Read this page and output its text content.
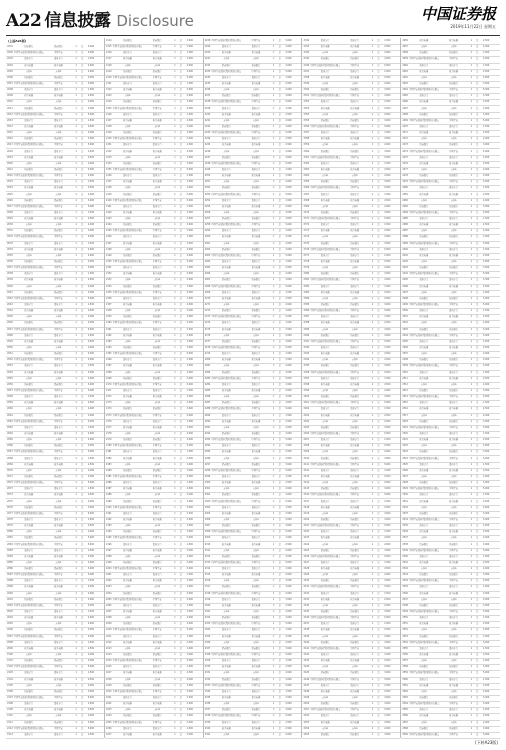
A22 信息披露 Disclosure	中国证券报
2019年11月22日 星期五
(上接A21版)
2001	招商银行	招商银行	1	是	3,000
2002 中国平安保险(集团)股份有限公司	中国平安	1	是	5,000
2003	贵州茅台	贵州茅台	1	是	1,500
2004	格力电器	格力电器	1	是	2,500
2005	万科A	万科A	1	是	2,000
2006	招商银行	招商银行	1	是	3,000
2007 中国平安保险(集团)股份有限公司	中国平安	1	是	5,000
2008	贵州茅台	贵州茅台	1	是	1,500
2009	格力电器	格力电器	1	是	2,500
2010	万科A	万科A	1	是	2,000
2011	招商银行	招商银行	1	是	3,000
2012 中国平安保险(集团)股份有限公司	中国平安	1	是	5,000
2013	贵州茅台	贵州茅台	1	是	1,500
2014	格力电器	格力电器	1	是	2,500
2015	万科A	万科A	1	是	2,000
2016	招商银行	招商银行	1	是	3,000
2017 中国平安保险(集团)股份有限公司	中国平安	1	是	5,000
2018	贵州茅台	贵州茅台	1	是	1,500
2019	格力电器	格力电器	1	是	2,500
2020	万科A	万科A	1	是	2,000
2021	招商银行	招商银行	1	是	3,000
2022 中国平安保险(集团)股份有限公司	中国平安	1	是	5,000
2023	贵州茅台	贵州茅台	1	是	1,500
2024	格力电器	格力电器	1	是	2,500
2025	万科A	万科A	1	是	2,000
2026	招商银行	招商银行	1	是	3,000
2027 中国平安保险(集团)股份有限公司	中国平安	1	是	5,000
2028	贵州茅台	贵州茅台	1	是	1,500
2029	格力电器	格力电器	1	是	2,500
2030	万科A	万科A	1	是	2,000
2031	招商银行	招商银行	1	是	3,000
2032 中国平安保险(集团)股份有限公司	中国平安	1	是	5,000
2033	贵州茅台	贵州茅台	1	是	1,500
2034	格力电器	格力电器	1	是	2,500
2035	万科A	万科A	1	是	2,000
2036	招商银行	招商银行	1	是	3,000
2037 中国平安保险(集团)股份有限公司	中国平安	1	是	5,000
2038	贵州茅台	贵州茅台	1	是	1,500
2039	格力电器	格力电器	1	是	2,500
2040	万科A	万科A	1	是	2,000
2041	招商银行	招商银行	1	是	3,000
2042 中国平安保险(集团)股份有限公司	中国平安	1	是	5,000
2043	贵州茅台	贵州茅台	1	是	1,500
2044	格力电器	格力电器	1	是	2,500
2045	万科A	万科A	1	是	2,000
2046	招商银行	招商银行	1	是	3,000
2047 中国平安保险(集团)股份有限公司	中国平安	1	是	5,000
2048	贵州茅台	贵州茅台	1	是	1,500
2049	格力电器	格力电器	1	是	2,500
2050	万科A	万科A	1	是	2,000
2051	招商银行	招商银行	1	是	3,000
2052 中国平安保险(集团)股份有限公司	中国平安	1	是	5,000
2053	贵州茅台	贵州茅台	1	是	1,500
2054	格力电器	格力电器	1	是	2,500
2055	万科A	万科A	1	是	2,000
2056	招商银行	招商银行	1	是	3,000
2057 中国平安保险(集团)股份有限公司	中国平安	1	是	5,000
2058	贵州茅台	贵州茅台	1	是	1,500
2059	格力电器	格力电器	1	是	2,500
2060	万科A	万科A	1	是	2,000
2061	招商银行	招商银行	1	是	3,000
2062 中国平安保险(集团)股份有限公司	中国平安	1	是	5,000
2063	贵州茅台	贵州茅台	1	是	1,500
2064	格力电器	格力电器	1	是	2,500
2065	万科A	万科A	1	是	2,000
2066	招商银行	招商银行	1	是	3,000
2067 中国平安保险(集团)股份有限公司	中国平安	1	是	5,000
2068	贵州茅台	贵州茅台	1	是	1,500
2069	格力电器	格力电器	1	是	2,500
2070	万科A	万科A	1	是	2,000
2071	招商银行	招商银行	1	是	3,000
2072 中国平安保险(集团)股份有限公司	中国平安	1	是	5,000
2073	贵州茅台	贵州茅台	1	是	1,500
2074	格力电器	格力电器	1	是	2,500
2075	万科A	万科A	1	是	2,000
2076	招商银行	招商银行	1	是	3,000
2077 中国平安保险(集团)股份有限公司	中国平安	1	是	5,000
2078	贵州茅台	贵州茅台	1	是	1,500
2079	格力电器	格力电器	1	是	2,500
2080	万科A	万科A	1	是	2,000
2081	招商银行	招商银行	1	是	3,000
2082 中国平安保险(集团)股份有限公司	中国平安	1	是	5,000
2083	贵州茅台	贵州茅台	1	是	1,500
2084	格力电器	格力电器	1	是	2,500
2085	万科A	万科A	1	是	2,000
2086	招商银行	招商银行	1	是	3,000
2087 中国平安保险(集团)股份有限公司	中国平安	1	是	5,000
2088	贵州茅台	贵州茅台	1	是	1,500
2089	格力电器	格力电器	1	是	2,500
2090	万科A	万科A	1	是	2,000
2091	招商银行	招商银行	1	是	3,000
2092 中国平安保险(集团)股份有限公司	中国平安	1	是	5,000
2093	贵州茅台	贵州茅台	1	是	1,500
2094	格力电器	格力电器	1	是	2,500
2095	万科A	万科A	1	是	2,000
2096	招商银行	招商银行	1	是	3,000
2097 中国平安保险(集团)股份有限公司	中国平安	1	是	5,000
2098	贵州茅台	贵州茅台	1	是	1,500
2099	格力电器	格力电器	1	是	2,500
2100	万科A	万科A	1	是	2,000
2101	招商银行	招商银行	1	是	3,000
2102 中国平安保险(集团)股份有限公司	中国平安	1	是	5,000
2103	贵州茅台	贵州茅台	1	是	1,500
2104	格力电器	格力电器	1	是	2,500
2105	万科A	万科A	1	是	2,000
2106	招商银行	招商银行	1	是	3,000
2107 中国平安保险(集团)股份有限公司	中国平安	1	是	5,000
2108	贵州茅台	贵州茅台	1	是	1,500
2109	格力电器	格力电器	1	是	2,500
2110	万科A	万科A	1	是	2,000
2111	招商银行	招商银行	1	是	3,000
2112 中国平安保险(集团)股份有限公司	中国平安	1	是	5,000
2113	贵州茅台	贵州茅台	1	是	1,500
2114	招商银行	招商银行	1	是	3,000
2115 中国平安保险(集团)股份有限公司	中国平安	1	是	5,000
2116	贵州茅台	贵州茅台	1	是	1,500
2117	格力电器	格力电器	1	是	2,500
2118	万科A	万科A	1	是	2,000
2119	招商银行	招商银行	1	是	3,000
2120 中国平安保险(集团)股份有限公司	中国平安	1	是	5,000
2121	贵州茅台	贵州茅台	1	是	1,500
2122	格力电器	格力电器	1	是	2,500
2123	万科A	万科A	1	是	2,000
2124	招商银行	招商银行	1	是	3,000
2125 中国平安保险(集团)股份有限公司	中国平安	1	是	5,000
2126	贵州茅台	贵州茅台	1	是	1,500
2127	格力电器	格力电器	1	是	2,500
2128	万科A	万科A	1	是	2,000
2129	招商银行	招商银行	1	是	3,000
2130 中国平安保险(集团)股份有限公司	中国平安	1	是	5,000
2131	贵州茅台	贵州茅台	1	是	1,500
2132	格力电器	格力电器	1	是	2,500
2133	万科A	万科A	1	是	2,000
2134	招商银行	招商银行	1	是	3,000
2135 中国平安保险(集团)股份有限公司	中国平安	1	是	5,000
2136	贵州茅台	贵州茅台	1	是	1,500
2137	格力电器	格力电器	1	是	2,500
2138	万科A	万科A	1	是	2,000
2139	招商银行	招商银行	1	是	3,000
2140 中国平安保险(集团)股份有限公司	中国平安	1	是	5,000
2141	贵州茅台	贵州茅台	1	是	1,500
2142	格力电器	格力电器	1	是	2,500
2143	万科A	万科A	1	是	2,000
2144	招商银行	招商银行	1	是	3,000
2145 中国平安保险(集团)股份有限公司	中国平安	1	是	5,000
2146	贵州茅台	贵州茅台	1	是	1,500
2147	格力电器	格力电器	1	是	2,500
2148	万科A	万科A	1	是	2,000
2149	招商银行	招商银行	1	是	3,000
2150 中国平安保险(集团)股份有限公司	中国平安	1	是	5,000
2151	贵州茅台	贵州茅台	1	是	1,500
2152	格力电器	格力电器	1	是	2,500
2153	万科A	万科A	1	是	2,000
2154	招商银行	招商银行	1	是	3,000
2155 中国平安保险(集团)股份有限公司	中国平安	1	是	5,000
2156	贵州茅台	贵州茅台	1	是	1,500
2157	格力电器	格力电器	1	是	2,500
2158	万科A	万科A	1	是	2,000
2159	招商银行	招商银行	1	是	3,000
2160 中国平安保险(集团)股份有限公司	中国平安	1	是	5,000
2161	贵州茅台	贵州茅台	1	是	1,500
2162	格力电器	格力电器	1	是	2,500
2163	万科A	万科A	1	是	2,000
2164	招商银行	招商银行	1	是	3,000
2165 中国平安保险(集团)股份有限公司	中国平安	1	是	5,000
2166	贵州茅台	贵州茅台	1	是	1,500
2167	格力电器	格力电器	1	是	2,500
2168	万科A	万科A	1	是	2,000
2169	招商银行	招商银行	1	是	3,000
2170 中国平安保险(集团)股份有限公司	中国平安	1	是	5,000
2171	贵州茅台	贵州茅台	1	是	1,500
2172	格力电器	格力电器	1	是	2,500
2173	万科A	万科A	1	是	2,000
2174	招商银行	招商银行	1	是	3,000
2175 中国平安保险(集团)股份有限公司	中国平安	1	是	5,000
2176	贵州茅台	贵州茅台	1	是	1,500
2177	格力电器	格力电器	1	是	2,500
2178	万科A	万科A	1	是	2,000
2179	招商银行	招商银行	1	是	3,000
2180 中国平安保险(集团)股份有限公司	中国平安	1	是	5,000
2181	贵州茅台	贵州茅台	1	是	1,500
2182	格力电器	格力电器	1	是	2,500
2183	万科A	万科A	1	是	2,000
2184	招商银行	招商银行	1	是	3,000
2185 中国平安保险(集团)股份有限公司	中国平安	1	是	5,000
2186	贵州茅台	贵州茅台	1	是	1,500
2187	格力电器	格力电器	1	是	2,500
2188	万科A	万科A	1	是	2,000
2189	招商银行	招商银行	1	是	3,000
2190 中国平安保险(集团)股份有限公司	中国平安	1	是	5,000
2191	贵州茅台	贵州茅台	1	是	1,500
2192	格力电器	格力电器	1	是	2,500
2193	万科A	万科A	1	是	2,000
2194	招商银行	招商银行	1	是	3,000
2195 中国平安保险(集团)股份有限公司	中国平安	1	是	5,000
2196	贵州茅台	贵州茅台	1	是	1,500
2197	格力电器	格力电器	1	是	2,500
2198	万科A	万科A	1	是	2,000
2199	招商银行	招商银行	1	是	3,000
2200 中国平安保险(集团)股份有限公司	中国平安	1	是	5,000
2201	贵州茅台	贵州茅台	1	是	1,500
2202	格力电器	格力电器	1	是	2,500
2203	万科A	万科A	1	是	2,000
2204	招商银行	招商银行	1	是	3,000
2205 中国平安保险(集团)股份有限公司	中国平安	1	是	5,000
2206	贵州茅台	贵州茅台	1	是	1,500
2207	格力电器	格力电器	1	是	2,500
2208	万科A	万科A	1	是	2,000
2209	招商银行	招商银行	1	是	3,000
2210 中国平安保险(集团)股份有限公司	中国平安	1	是	5,000
2211	贵州茅台	贵州茅台	1	是	1,500
2212	格力电器	格力电器	1	是	2,500
2213	万科A	万科A	1	是	2,000
2214	招商银行	招商银行	1	是	3,000
2215 中国平安保险(集团)股份有限公司	中国平安	1	是	5,000
2216	贵州茅台	贵州茅台	1	是	1,500
2217	格力电器	格力电器	1	是	2,500
2218	万科A	万科A	1	是	2,000
2219	招商银行	招商银行	1	是	3,000
2220 中国平安保险(集团)股份有限公司	中国平安	1	是	5,000
2221	贵州茅台	贵州茅台	1	是	1,500
2222	格力电器	格力电器	1	是	2,500
2223	万科A	万科A	1	是	2,000
2224	招商银行	招商银行	1	是	3,000
2225 中国平安保险(集团)股份有限公司	中国平安	1	是	5,000
2226	贵州茅台	贵州茅台	1	是	1,500
2227	格力电器	格力电器	1	是	2,500
2228 中国平安保险(集团)股份有限公司	中国平安	1	是	5,000
2229	贵州茅台	贵州茅台	1	是	1,500
2230	格力电器	格力电器	1	是	2,500
2231	万科A	万科A	1	是	2,000
2232	招商银行	招商银行	1	是	3,000
2233 中国平安保险(集团)股份有限公司	中国平安	1	是	5,000
2234	贵州茅台	贵州茅台	1	是	1,500
2235	格力电器	格力电器	1	是	2,500
2236	万科A	万科A	1	是	2,000
2237	招商银行	招商银行	1	是	3,000
2238 中国平安保险(集团)股份有限公司	中国平安	1	是	5,000
2239	贵州茅台	贵州茅台	1	是	1,500
2240	格力电器	格力电器	1	是	2,500
2241	万科A	万科A	1	是	2,000
2242	招商银行	招商银行	1	是	3,000
2243 中国平安保险(集团)股份有限公司	中国平安	1	是	5,000
2244	贵州茅台	贵州茅台	1	是	1,500
2245	格力电器	格力电器	1	是	2,500
2246	万科A	万科A	1	是	2,000
2247	招商银行	招商银行	1	是	3,000
2248 中国平安保险(集团)股份有限公司	中国平安	1	是	5,000
2249	贵州茅台	贵州茅台	1	是	1,500
2250	格力电器	格力电器	1	是	2,500
2251	万科A	万科A	1	是	2,000
2252	招商银行	招商银行	1	是	3,000
2253 中国平安保险(集团)股份有限公司	中国平安	1	是	5,000
2254	贵州茅台	贵州茅台	1	是	1,500
2255	格力电器	格力电器	1	是	2,500
2256	万科A	万科A	1	是	2,000
2257	招商银行	招商银行	1	是	3,000
2258 中国平安保险(集团)股份有限公司	中国平安	1	是	5,000
2259	贵州茅台	贵州茅台	1	是	1,500
2260	格力电器	格力电器	1	是	2,500
2261	万科A	万科A	1	是	2,000
2262	招商银行	招商银行	1	是	3,000
2263 中国平安保险(集团)股份有限公司	中国平安	1	是	5,000
2264	贵州茅台	贵州茅台	1	是	1,500
2265	格力电器	格力电器	1	是	2,500
2266	万科A	万科A	1	是	2,000
2267	招商银行	招商银行	1	是	3,000
2268 中国平安保险(集团)股份有限公司	中国平安	1	是	5,000
2269	贵州茅台	贵州茅台	1	是	1,500
2270	格力电器	格力电器	1	是	2,500
2271	万科A	万科A	1	是	2,000
2272	招商银行	招商银行	1	是	3,000
2273 中国平安保险(集团)股份有限公司	中国平安	1	是	5,000
2274	贵州茅台	贵州茅台	1	是	1,500
2275	格力电器	格力电器	1	是	2,500
2276	万科A	万科A	1	是	2,000
2277	招商银行	招商银行	1	是	3,000
2278 中国平安保险(集团)股份有限公司	中国平安	1	是	5,000
2279	贵州茅台	贵州茅台	1	是	1,500
2280	格力电器	格力电器	1	是	2,500
2281	万科A	万科A	1	是	2,000
2282	招商银行	招商银行	1	是	3,000
2283 中国平安保险(集团)股份有限公司	中国平安	1	是	5,000
2284	贵州茅台	贵州茅台	1	是	1,500
2285	格力电器	格力电器	1	是	2,500
2286	万科A	万科A	1	是	2,000
2287	招商银行	招商银行	1	是	3,000
2288 中国平安保险(集团)股份有限公司	中国平安	1	是	5,000
2289	贵州茅台	贵州茅台	1	是	1,500
2290	格力电器	格力电器	1	是	2,500
2291	万科A	万科A	1	是	2,000
2292	招商银行	招商银行	1	是	3,000
2293 中国平安保险(集团)股份有限公司	中国平安	1	是	5,000
2294	贵州茅台	贵州茅台	1	是	1,500
2295	格力电器	格力电器	1	是	2,500
2296	万科A	万科A	1	是	2,000
2297	招商银行	招商银行	1	是	3,000
2298 中国平安保险(集团)股份有限公司	中国平安	1	是	5,000
2299	贵州茅台	贵州茅台	1	是	1,500
2300	格力电器	格力电器	1	是	2,500
2301	万科A	万科A	1	是	2,000
2302	招商银行	招商银行	1	是	3,000
2303 中国平安保险(集团)股份有限公司	中国平安	1	是	5,000
2304	贵州茅台	贵州茅台	1	是	1,500
2305	格力电器	格力电器	1	是	2,500
2306	万科A	万科A	1	是	2,000
2307	招商银行	招商银行	1	是	3,000
2308 中国平安保险(集团)股份有限公司	中国平安	1	是	5,000
2309	贵州茅台	贵州茅台	1	是	1,500
2310	格力电器	格力电器	1	是	2,500
2311	万科A	万科A	1	是	2,000
2312	招商银行	招商银行	1	是	3,000
2313 中国平安保险(集团)股份有限公司	中国平安	1	是	5,000
2314	贵州茅台	贵州茅台	1	是	1,500
2315	格力电器	格力电器	1	是	2,500
2316	万科A	万科A	1	是	2,000
2317	招商银行	招商银行	1	是	3,000
2318 中国平安保险(集团)股份有限公司	中国平安	1	是	5,000
2319	贵州茅台	贵州茅台	1	是	1,500
2320	格力电器	格力电器	1	是	2,500
2321	万科A	万科A	1	是	2,000
2322	招商银行	招商银行	1	是	3,000
2323 中国平安保险(集团)股份有限公司	中国平安	1	是	5,000
2324	贵州茅台	贵州茅台	1	是	1,500
2325	格力电器	格力电器	1	是	2,500
2326	万科A	万科A	1	是	2,000
2327	招商银行	招商银行	1	是	3,000
2328 中国平安保险(集团)股份有限公司	中国平安	1	是	5,000
2329	贵州茅台	贵州茅台	1	是	1,500
2330	格力电器	格力电器	1	是	2,500
2331	万科A	万科A	1	是	2,000
2332	招商银行	招商银行	1	是	3,000
2333 中国平安保险(集团)股份有限公司	中国平安	1	是	5,000
2334	贵州茅台	贵州茅台	1	是	1,500
2335	格力电器	格力电器	1	是	2,500
2336	万科A	万科A	1	是	2,000
2337	招商银行	招商银行	1	是	3,000
2338 中国平安保险(集团)股份有限公司	中国平安	1	是	5,000
2339	贵州茅台	贵州茅台	1	是	1,500
2340	格力电器	格力电器	1	是	2,500
2341	万科A	万科A	1	是	2,000
2342	贵州茅台	贵州茅台	1	是	1,500
2343	格力电器	格力电器	1	是	2,500
2344	万科A	万科A	1	是	2,000
2345	招商银行	招商银行	1	是	3,000
2346 中国平安保险(集团)股份有限公司	中国平安	1	是	5,000
2347	贵州茅台	贵州茅台	1	是	1,500
2348	格力电器	格力电器	1	是	2,500
2349	万科A	万科A	1	是	2,000
2350	招商银行	招商银行	1	是	3,000
2351 中国平安保险(集团)股份有限公司	中国平安	1	是	5,000
2352	贵州茅台	贵州茅台	1	是	1,500
2353	格力电器	格力电器	1	是	2,500
2354	万科A	万科A	1	是	2,000
2355	招商银行	招商银行	1	是	3,000
2356 中国平安保险(集团)股份有限公司	中国平安	1	是	5,000
2357	贵州茅台	贵州茅台	1	是	1,500
2358	格力电器	格力电器	1	是	2,500
2359	万科A	万科A	1	是	2,000
2360	招商银行	招商银行	1	是	3,000
2361 中国平安保险(集团)股份有限公司	中国平安	1	是	5,000
2362	贵州茅台	贵州茅台	1	是	1,500
2363	格力电器	格力电器	1	是	2,500
2364	万科A	万科A	1	是	2,000
2365	招商银行	招商银行	1	是	3,000
2366 中国平安保险(集团)股份有限公司	中国平安	1	是	5,000
2367	贵州茅台	贵州茅台	1	是	1,500
2368	格力电器	格力电器	1	是	2,500
2369	万科A	万科A	1	是	2,000
2370	招商银行	招商银行	1	是	3,000
2371 中国平安保险(集团)股份有限公司	中国平安	1	是	5,000
2372	贵州茅台	贵州茅台	1	是	1,500
2373	格力电器	格力电器	1	是	2,500
2374	万科A	万科A	1	是	2,000
2375	招商银行	招商银行	1	是	3,000
2376 中国平安保险(集团)股份有限公司	中国平安	1	是	5,000
2377	贵州茅台	贵州茅台	1	是	1,500
2378	格力电器	格力电器	1	是	2,500
2379	万科A	万科A	1	是	2,000
2380	招商银行	招商银行	1	是	3,000
2381 中国平安保险(集团)股份有限公司	中国平安	1	是	5,000
2382	贵州茅台	贵州茅台	1	是	1,500
2383	格力电器	格力电器	1	是	2,500
2384	万科A	万科A	1	是	2,000
2385	招商银行	招商银行	1	是	3,000
2386 中国平安保险(集团)股份有限公司	中国平安	1	是	5,000
2387	贵州茅台	贵州茅台	1	是	1,500
2388	格力电器	格力电器	1	是	2,500
2389	万科A	万科A	1	是	2,000
2390	招商银行	招商银行	1	是	3,000
2391 中国平安保险(集团)股份有限公司	中国平安	1	是	5,000
2392	贵州茅台	贵州茅台	1	是	1,500
2393	格力电器	格力电器	1	是	2,500
2394	万科A	万科A	1	是	2,000
2395	招商银行	招商银行	1	是	3,000
2396 中国平安保险(集团)股份有限公司	中国平安	1	是	5,000
2397	贵州茅台	贵州茅台	1	是	1,500
2398	格力电器	格力电器	1	是	2,500
2399	万科A	万科A	1	是	2,000
2400	招商银行	招商银行	1	是	3,000
2401 中国平安保险(集团)股份有限公司	中国平安	1	是	5,000
2402	贵州茅台	贵州茅台	1	是	1,500
2403	格力电器	格力电器	1	是	2,500
2404	万科A	万科A	1	是	2,000
2405	招商银行	招商银行	1	是	3,000
2406 中国平安保险(集团)股份有限公司	中国平安	1	是	5,000
2407	贵州茅台	贵州茅台	1	是	1,500
2408	格力电器	格力电器	1	是	2,500
2409	万科A	万科A	1	是	2,000
2410	招商银行	招商银行	1	是	3,000
2411 中国平安保险(集团)股份有限公司	中国平安	1	是	5,000
2412	贵州茅台	贵州茅台	1	是	1,500
2413	格力电器	格力电器	1	是	2,500
2414	万科A	万科A	1	是	2,000
2415	招商银行	招商银行	1	是	3,000
2416 中国平安保险(集团)股份有限公司	中国平安	1	是	5,000
2417	贵州茅台	贵州茅台	1	是	1,500
2418	格力电器	格力电器	1	是	2,500
2419	万科A	万科A	1	是	2,000
2420	招商银行	招商银行	1	是	3,000
2421 中国平安保险(集团)股份有限公司	中国平安	1	是	5,000
2422	贵州茅台	贵州茅台	1	是	1,500
2423	格力电器	格力电器	1	是	2,500
2424	万科A	万科A	1	是	2,000
2425	招商银行	招商银行	1	是	3,000
2426 中国平安保险(集团)股份有限公司	中国平安	1	是	5,000
2427	贵州茅台	贵州茅台	1	是	1,500
2428	格力电器	格力电器	1	是	2,500
2429	万科A	万科A	1	是	2,000
2430	招商银行	招商银行	1	是	3,000
2431 中国平安保险(集团)股份有限公司	中国平安	1	是	5,000
2432	贵州茅台	贵州茅台	1	是	1,500
2433	格力电器	格力电器	1	是	2,500
2434	万科A	万科A	1	是	2,000
2435	招商银行	招商银行	1	是	3,000
2436 中国平安保险(集团)股份有限公司	中国平安	1	是	5,000
2437	贵州茅台	贵州茅台	1	是	1,500
2438	格力电器	格力电器	1	是	2,500
2439	万科A	万科A	1	是	2,000
2440	招商银行	招商银行	1	是	3,000
2441 中国平安保险(集团)股份有限公司	中国平安	1	是	5,000
2442	贵州茅台	贵州茅台	1	是	1,500
2443	格力电器	格力电器	1	是	2,500
2444	万科A	万科A	1	是	2,000
2445	招商银行	招商银行	1	是	3,000
2446 中国平安保险(集团)股份有限公司	中国平安	1	是	5,000
2447	贵州茅台	贵州茅台	1	是	1,500
2448	格力电器	格力电器	1	是	2,500
2449	万科A	万科A	1	是	2,000
2450	招商银行	招商银行	1	是	3,000
2451 中国平安保险(集团)股份有限公司	中国平安	1	是	5,000
2452	贵州茅台	贵州茅台	1	是	1,500
2453	格力电器	格力电器	1	是	2,500
2454	万科A	万科A	1	是	2,000
2455	招商银行	招商银行	1	是	3,000
2456	格力电器	格力电器	1	是	2,500
2457	万科A	万科A	1	是	2,000
2458	招商银行	招商银行	1	是	3,000
2459 中国平安保险(集团)股份有限公司	中国平安	1	是	5,000
2460	贵州茅台	贵州茅台	1	是	1,500
2461	格力电器	格力电器	1	是	2,500
2462	万科A	万科A	1	是	2,000
2463	招商银行	招商银行	1	是	3,000
2464 中国平安保险(集团)股份有限公司	中国平安	1	是	5,000
2465	贵州茅台	贵州茅台	1	是	1,500
2466	格力电器	格力电器	1	是	2,500
2467	万科A	万科A	1	是	2,000
2468	招商银行	招商银行	1	是	3,000
2469 中国平安保险(集团)股份有限公司	中国平安	1	是	5,000
2470	贵州茅台	贵州茅台	1	是	1,500
2471	格力电器	格力电器	1	是	2,500
2472	万科A	万科A	1	是	2,000
2473	招商银行	招商银行	1	是	3,000
2474 中国平安保险(集团)股份有限公司	中国平安	1	是	5,000
2475	贵州茅台	贵州茅台	1	是	1,500
2476	格力电器	格力电器	1	是	2,500
2477	万科A	万科A	1	是	2,000
2478	招商银行	招商银行	1	是	3,000
2479 中国平安保险(集团)股份有限公司	中国平安	1	是	5,000
2480	贵州茅台	贵州茅台	1	是	1,500
2481	格力电器	格力电器	1	是	2,500
2482	万科A	万科A	1	是	2,000
2483	招商银行	招商银行	1	是	3,000
2484 中国平安保险(集团)股份有限公司	中国平安	1	是	5,000
2485	贵州茅台	贵州茅台	1	是	1,500
2486	格力电器	格力电器	1	是	2,500
2487	万科A	万科A	1	是	2,000
2488	招商银行	招商银行	1	是	3,000
2489 中国平安保险(集团)股份有限公司	中国平安	1	是	5,000
2490	贵州茅台	贵州茅台	1	是	1,500
2491	格力电器	格力电器	1	是	2,500
2492	万科A	万科A	1	是	2,000
2493	招商银行	招商银行	1	是	3,000
2494 中国平安保险(集团)股份有限公司	中国平安	1	是	5,000
2495	贵州茅台	贵州茅台	1	是	1,500
2496	格力电器	格力电器	1	是	2,500
2497	万科A	万科A	1	是	2,000
2498	招商银行	招商银行	1	是	3,000
2499 中国平安保险(集团)股份有限公司	中国平安	1	是	5,000
2500	贵州茅台	贵州茅台	1	是	1,500
2501	格力电器	格力电器	1	是	2,500
2502	万科A	万科A	1	是	2,000
2503	招商银行	招商银行	1	是	3,000
2504 中国平安保险(集团)股份有限公司	中国平安	1	是	5,000
2505	贵州茅台	贵州茅台	1	是	1,500
2506	格力电器	格力电器	1	是	2,500
2507	万科A	万科A	1	是	2,000
2508	招商银行	招商银行	1	是	3,000
2509 中国平安保险(集团)股份有限公司	中国平安	1	是	5,000
2510	贵州茅台	贵州茅台	1	是	1,500
2511	格力电器	格力电器	1	是	2,500
2512	万科A	万科A	1	是	2,000
2513	招商银行	招商银行	1	是	3,000
2514 中国平安保险(集团)股份有限公司	中国平安	1	是	5,000
2515	贵州茅台	贵州茅台	1	是	1,500
2516	格力电器	格力电器	1	是	2,500
2517	万科A	万科A	1	是	2,000
2518	招商银行	招商银行	1	是	3,000
2519 中国平安保险(集团)股份有限公司	中国平安	1	是	5,000
2520	贵州茅台	贵州茅台	1	是	1,500
2521	格力电器	格力电器	1	是	2,500
2522	万科A	万科A	1	是	2,000
2523	招商银行	招商银行	1	是	3,000
2524 中国平安保险(集团)股份有限公司	中国平安	1	是	5,000
2525	贵州茅台	贵州茅台	1	是	1,500
2526	格力电器	格力电器	1	是	2,500
2527	万科A	万科A	1	是	2,000
2528	招商银行	招商银行	1	是	3,000
2529 中国平安保险(集团)股份有限公司	中国平安	1	是	5,000
2530	贵州茅台	贵州茅台	1	是	1,500
2531	格力电器	格力电器	1	是	2,500
2532	万科A	万科A	1	是	2,000
2533	招商银行	招商银行	1	是	3,000
2534 中国平安保险(集团)股份有限公司	中国平安	1	是	5,000
2535	贵州茅台	贵州茅台	1	是	1,500
2536	格力电器	格力电器	1	是	2,500
2537	万科A	万科A	1	是	2,000
2538	招商银行	招商银行	1	是	3,000
2539 中国平安保险(集团)股份有限公司	中国平安	1	是	5,000
2540	贵州茅台	贵州茅台	1	是	1,500
2541	格力电器	格力电器	1	是	2,500
2542	万科A	万科A	1	是	2,000
2543	招商银行	招商银行	1	是	3,000
2544 中国平安保险(集团)股份有限公司	中国平安	1	是	5,000
2545	贵州茅台	贵州茅台	1	是	1,500
2546	格力电器	格力电器	1	是	2,500
2547	万科A	万科A	1	是	2,000
2548	招商银行	招商银行	1	是	3,000
2549 中国平安保险(集团)股份有限公司	中国平安	1	是	5,000
2550	贵州茅台	贵州茅台	1	是	1,500
2551	格力电器	格力电器	1	是	2,500
2552	万科A	万科A	1	是	2,000
2553	招商银行	招商银行	1	是	3,000
2554 中国平安保险(集团)股份有限公司	中国平安	1	是	5,000
2555	贵州茅台	贵州茅台	1	是	1,500
2556	格力电器	格力电器	1	是	2,500
2557	万科A	万科A	1	是	2,000
2558	招商银行	招商银行	1	是	3,000
2559 中国平安保险(集团)股份有限公司	中国平安	1	是	5,000
2560	贵州茅台	贵州茅台	1	是	1,500
2561	格力电器	格力电器	1	是	2,500
2562	万科A	万科A	1	是	2,000
2563	招商银行	招商银行	1	是	3,000
2564 中国平安保险(集团)股份有限公司	中国平安	1	是	5,000
2565	贵州茅台	贵州茅台	1	是	1,500
2566	格力电器	格力电器	1	是	2,500
2567	万科A	万科A	1	是	2,000
2568	招商银行	招商银行	1	是	3,000
2569 中国平安保险(集团)股份有限公司	中国平安	1	是	5,000
(下转A23版)
